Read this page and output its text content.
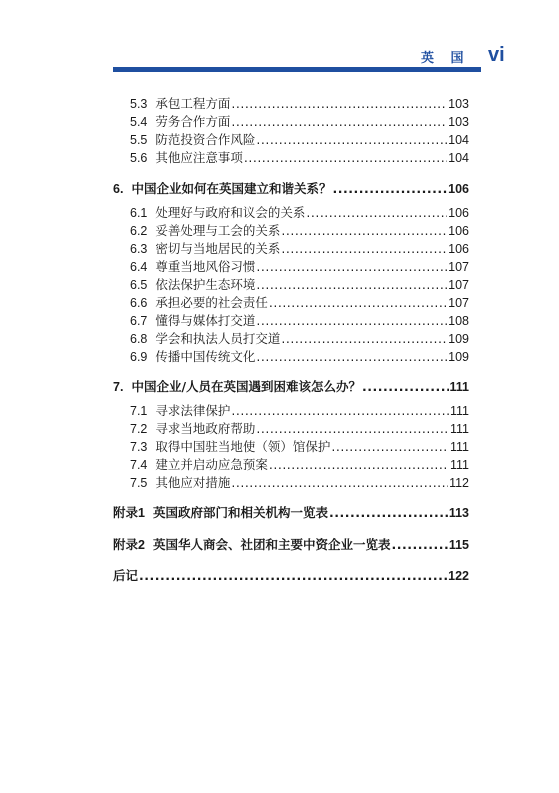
英 国 vi
5.3 承包工程方面 .....	103
5.4 劳务合作方面 .....	103
5.5 防范投资合作风险 .....	104
5.6 其他应注意事项 .....	104
6. 中国企业如何在英国建立和谐关系？ .....	106
6.1 处理好与政府和议会的关系 .....	106
6.2 妥善处理与工会的关系 .....	106
6.3 密切与当地居民的关系 .....	106
6.4 尊重当地风俗习惯 .....	107
6.5 依法保护生态环境 .....	107
6.6 承担必要的社会责任 .....	107
6.7 懂得与媒体打交道 .....	108
6.8 学会和执法人员打交道 .....	109
6.9 传播中国传统文化 .....	109
7. 中国企业/人员在英国遇到困难该怎么办？ .....	111
7.1 寻求法律保护 .....	111
7.2 寻求当地政府帮助 .....	111
7.3 取得中国驻当地使（领）馆保护 .....	111
7.4 建立并启动应急预案 .....	111
7.5 其他应对措施 .....	112
附录1 英国政府部门和相关机构一览表 .....	113
附录2 英国华人商会、社团和主要中资企业一览表 .....	115
后记 .....	122
